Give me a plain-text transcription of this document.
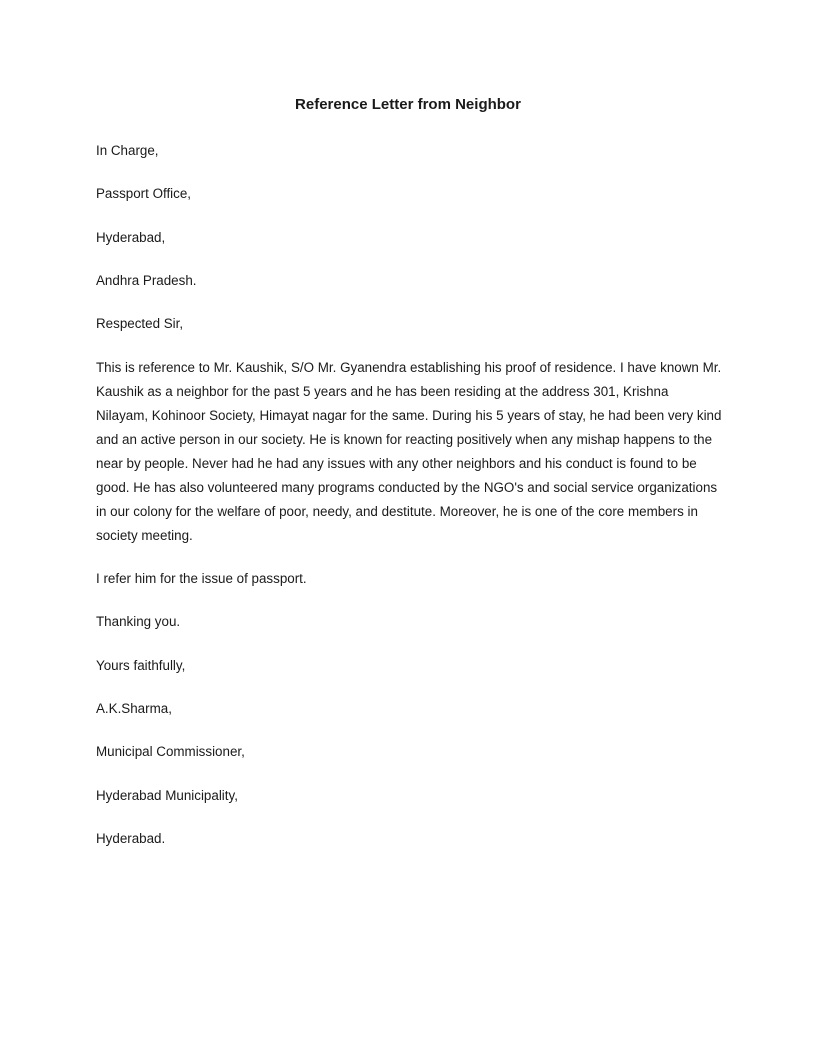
Reference Letter from Neighbor

In Charge,

Passport Office,

Hyderabad,

Andhra Pradesh.

Respected Sir,

This is reference to Mr. Kaushik, S/O Mr. Gyanendra establishing his proof of residence. I have known Mr. Kaushik as a neighbor for the past 5 years and he has been residing at the address 301, Krishna Nilayam, Kohinoor Society, Himayat nagar for the same. During his 5 years of stay, he had been very kind and an active person in our society. He is known for reacting positively when any mishap happens to the near by people. Never had he had any issues with any other neighbors and his conduct is found to be good. He has also volunteered many programs conducted by the NGO's and social service organizations in our colony for the welfare of poor, needy, and destitute. Moreover, he is one of the core members in society meeting.

I refer him for the issue of passport.

Thanking you.

Yours faithfully,

A.K.Sharma,

Municipal Commissioner,

Hyderabad Municipality,

Hyderabad.
